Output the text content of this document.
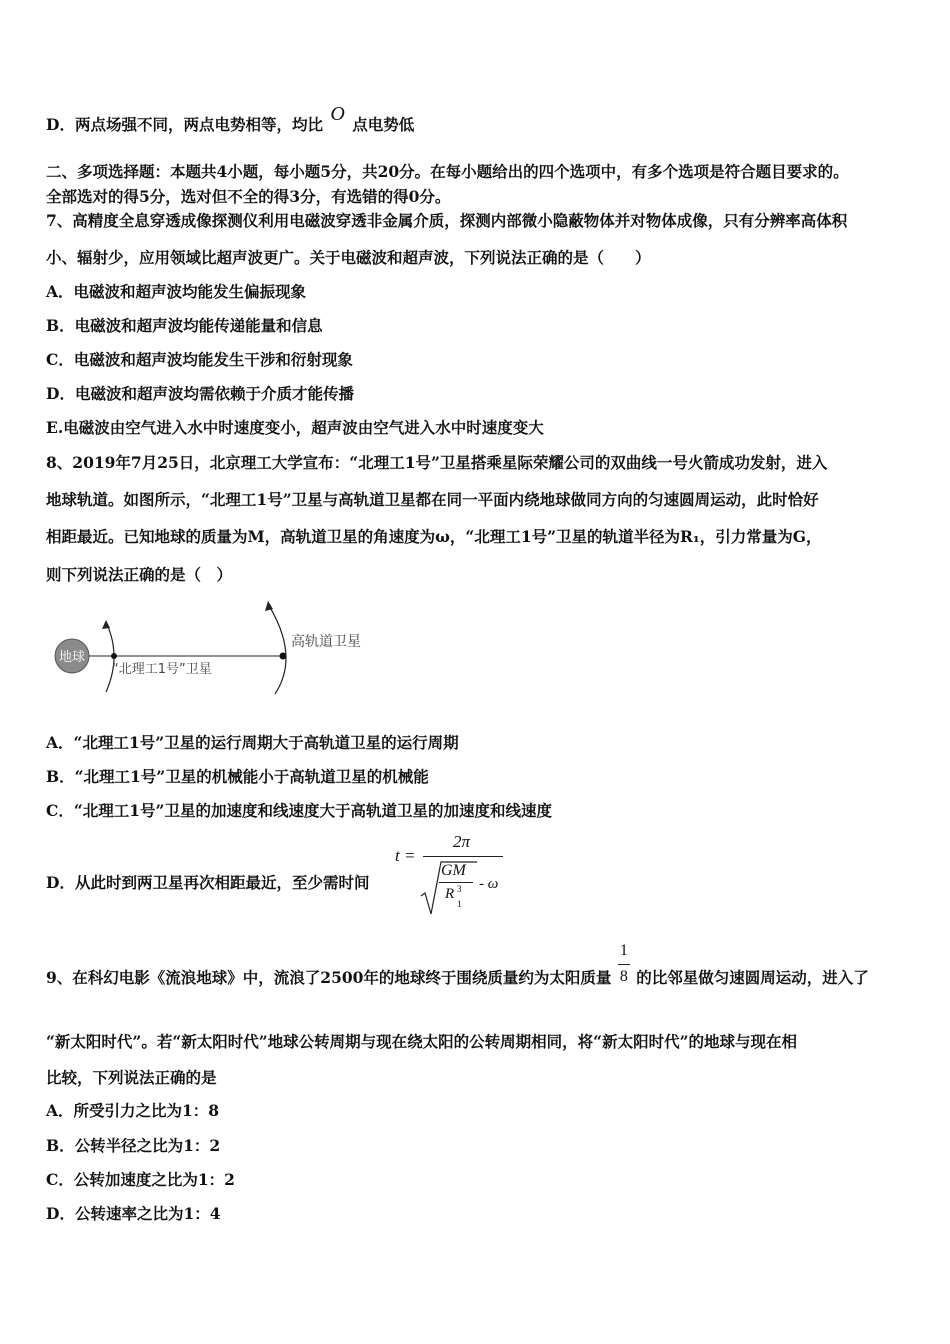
D．两点场强不同，两点电势相等，均比 O 点电势低
二、多项选择题：本题共4小题，每小题5分，共20分。在每小题给出的四个选项中，有多个选项是符合题目要求的。
全部选对的得5分，选对但不全的得3分，有选错的得0分。
7、高精度全息穿透成像探测仪利用电磁波穿透非金属介质，探测内部微小隐蔽物体并对物体成像，只有分辨率高体积
小、辐射少，应用领域比超声波更广。关于电磁波和超声波，下列说法正确的是（　　）
A．电磁波和超声波均能发生偏振现象
B．电磁波和超声波均能传递能量和信息
C．电磁波和超声波均能发生干涉和衍射现象
D．电磁波和超声波均需依赖于介质才能传播
E.电磁波由空气进入水中时速度变小，超声波由空气进入水中时速度变大
8、2019年7月25日，北京理工大学宣布：“北理工1号”卫星搭乘星际荣耀公司的双曲线一号火箭成功发射，进入
地球轨道。如图所示，“北理工1号”卫星与高轨道卫星都在同一平面内绕地球做同方向的匀速圆周运动，此时恰好
相距最近。已知地球的质量为M，高轨道卫星的角速度为ω，“北理工1号”卫星的轨道半径为R₁，引力常量为G，
则下列说法正确的是（　）
地球
“北理工1号”卫星
高轨道卫星
A．“北理工1号”卫星的运行周期大于高轨道卫星的运行周期
B．“北理工1号”卫星的机械能小于高轨道卫星的机械能
C．“北理工1号”卫星的加速度和线速度大于高轨道卫星的加速度和线速度
D．从此时到两卫星再次相距最近，至少需时间
t =
2π
GM
R 3
1
- ω
9、在科幻电影《流浪地球》中，流浪了2500年的地球终于围绕质量约为太阳质量 $\frac{1}{8}$ 的比邻星做匀速圆周运动，进入了
“新太阳时代”。若“新太阳时代”地球公转周期与现在绕太阳的公转周期相同，将“新太阳时代”的地球与现在相
比较，下列说法正确的是
A．所受引力之比为1：8
B．公转半径之比为1：2
C．公转加速度之比为1：2
D．公转速率之比为1：4
